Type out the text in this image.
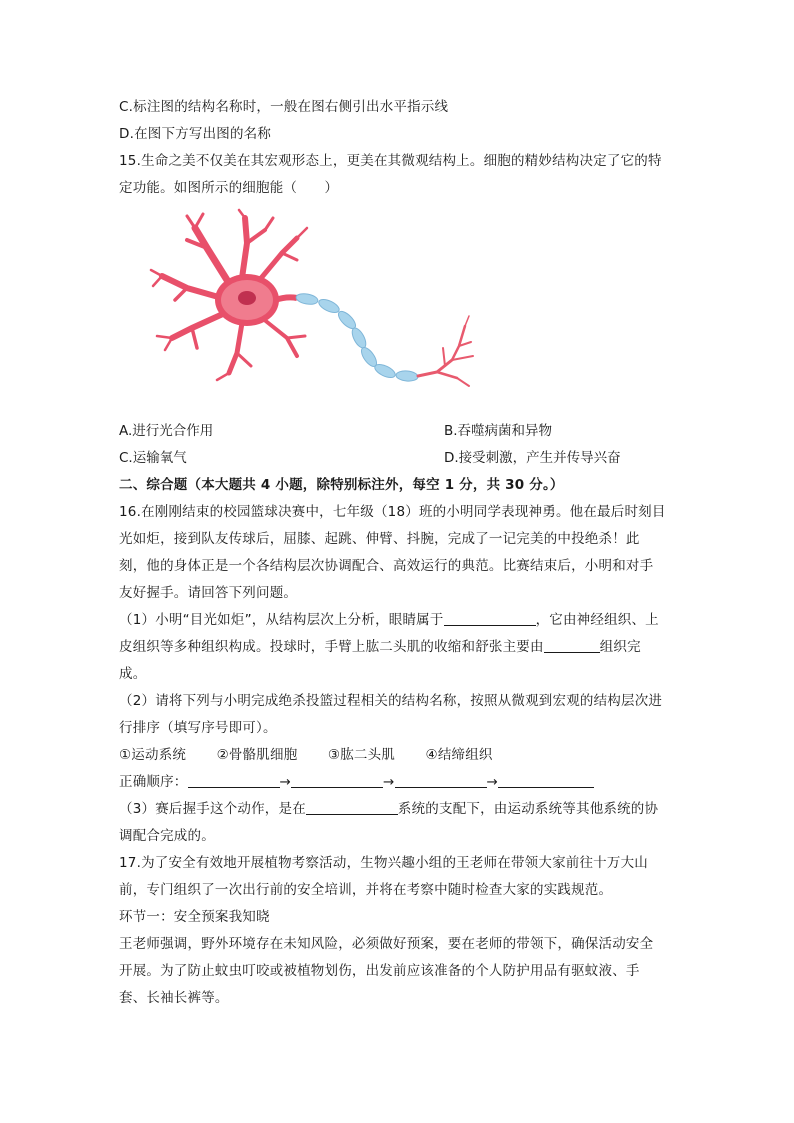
C.标注图的结构名称时，一般在图右侧引出水平指示线
D.在图下方写出图的名称
15.生命之美不仅美在其宏观形态上，更美在其微观结构上。细胞的精妙结构决定了它的特
定功能。如图所示的细胞能（　　）
A.进行光合作用	B.吞噬病菌和异物
C.运输氧气	D.接受刺激，产生并传导兴奋
二、综合题（本大题共 4 小题，除特别标注外，每空 1 分，共 30 分。）
16.在刚刚结束的校园篮球决赛中，七年级（18）班的小明同学表现神勇。他在最后时刻目
光如炬，接到队友传球后，屈膝、起跳、伸臂、抖腕，完成了一记完美的中投绝杀！此
刻，他的身体正是一个各结构层次协调配合、高效运行的典范。比赛结束后，小明和对手
友好握手。请回答下列问题。
（1）小明“目光如炬”，从结构层次上分析，眼睛属于	，它由神经组织、上
皮组织等多种组织构成。投球时，手臂上肱二头肌的收缩和舒张主要由	组织完
成。
（2）请将下列与小明完成绝杀投篮过程相关的结构名称，按照从微观到宏观的结构层次进
行排序（填写序号即可）。
①运动系统 ②骨骼肌细胞 ③肱二头肌 ④结缔组织
正确顺序：	→	→	→
（3）赛后握手这个动作，是在	系统的支配下，由运动系统等其他系统的协
调配合完成的。
17.为了安全有效地开展植物考察活动，生物兴趣小组的王老师在带领大家前往十万大山
前，专门组织了一次出行前的安全培训，并将在考察中随时检查大家的实践规范。
环节一：安全预案我知晓
王老师强调，野外环境存在未知风险，必须做好预案，要在老师的带领下，确保活动安全
开展。为了防止蚊虫叮咬或被植物划伤，出发前应该准备的个人防护用品有驱蚊液、手
套、长袖长裤等。
